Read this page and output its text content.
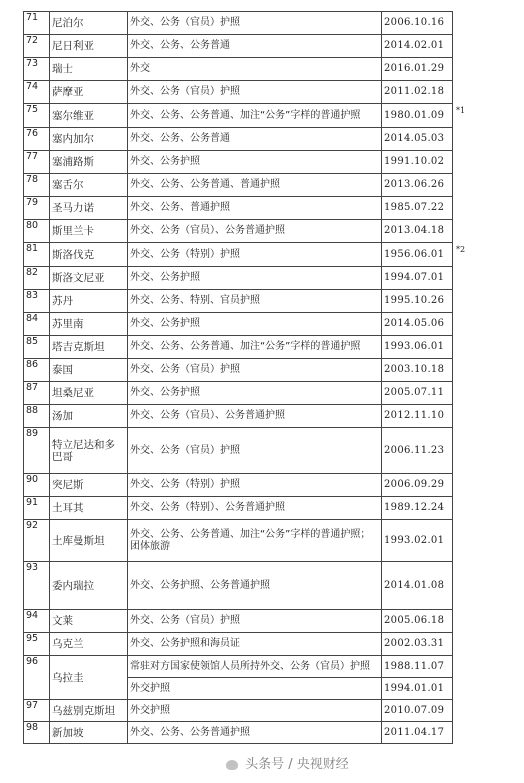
71	尼泊尔	外交、公务（官员）护照	2006.10.16	
72	尼日利亚	外交、公务、公务普通	2014.02.01	
73	瑞士	外交	2016.01.29	
74	萨摩亚	外交、公务（官员）护照	2011.02.18	
75	塞尔维亚	外交、公务、公务普通、加注“公务”字样的普通护照	1980.01.09	*1
76	塞内加尔	外交、公务、公务普通	2014.05.03	
77	塞浦路斯	外交、公务护照	1991.10.02	
78	塞舌尔	外交、公务、公务普通、普通护照	2013.06.26	
79	圣马力诺	外交、公务、普通护照	1985.07.22	
80	斯里兰卡	外交、公务（官员）、公务普通护照	2013.04.18	
81	斯洛伐克	外交、公务（特别）护照	1956.06.01	*2
82	斯洛文尼亚	外交、公务护照	1994.07.01	
83	苏丹	外交、公务、特别、官员护照	1995.10.26	
84	苏里南	外交、公务护照	2014.05.06	
85	塔吉克斯坦	外交、公务、公务普通、加注“公务”字样的普通护照	1993.06.01	
86	泰国	外交、公务（官员）护照	2003.10.18	
87	坦桑尼亚	外交、公务护照	2005.07.11	
88	汤加	外交、公务（官员）、公务普通护照	2012.11.10	
89	特立尼达和多巴哥	外交、公务（官员）护照	2006.11.23	
90	突尼斯	外交、公务（特别）护照	2006.09.29	
91	土耳其	外交、公务（特别）、公务普通护照	1989.12.24	
92	土库曼斯坦	外交、公务、公务普通、加注“公务”字样的普通护照；团体旅游	1993.02.01	
93	委内瑞拉	外交、公务护照、公务普通护照	2014.01.08	
94	文莱	外交、公务（官员）护照	2005.06.18	
95	乌克兰	外交、公务护照和海员证	2002.03.31	
96	乌拉圭	常驻对方国家使领馆人员所持外交、公务（官员）护照	1988.11.07	
		外交护照	1994.01.01	
97	乌兹别克斯坦	外交护照	2010.07.09	
98	新加坡	外交、公务、公务普通护照	2011.04.17	
头条号 / 央视财经
